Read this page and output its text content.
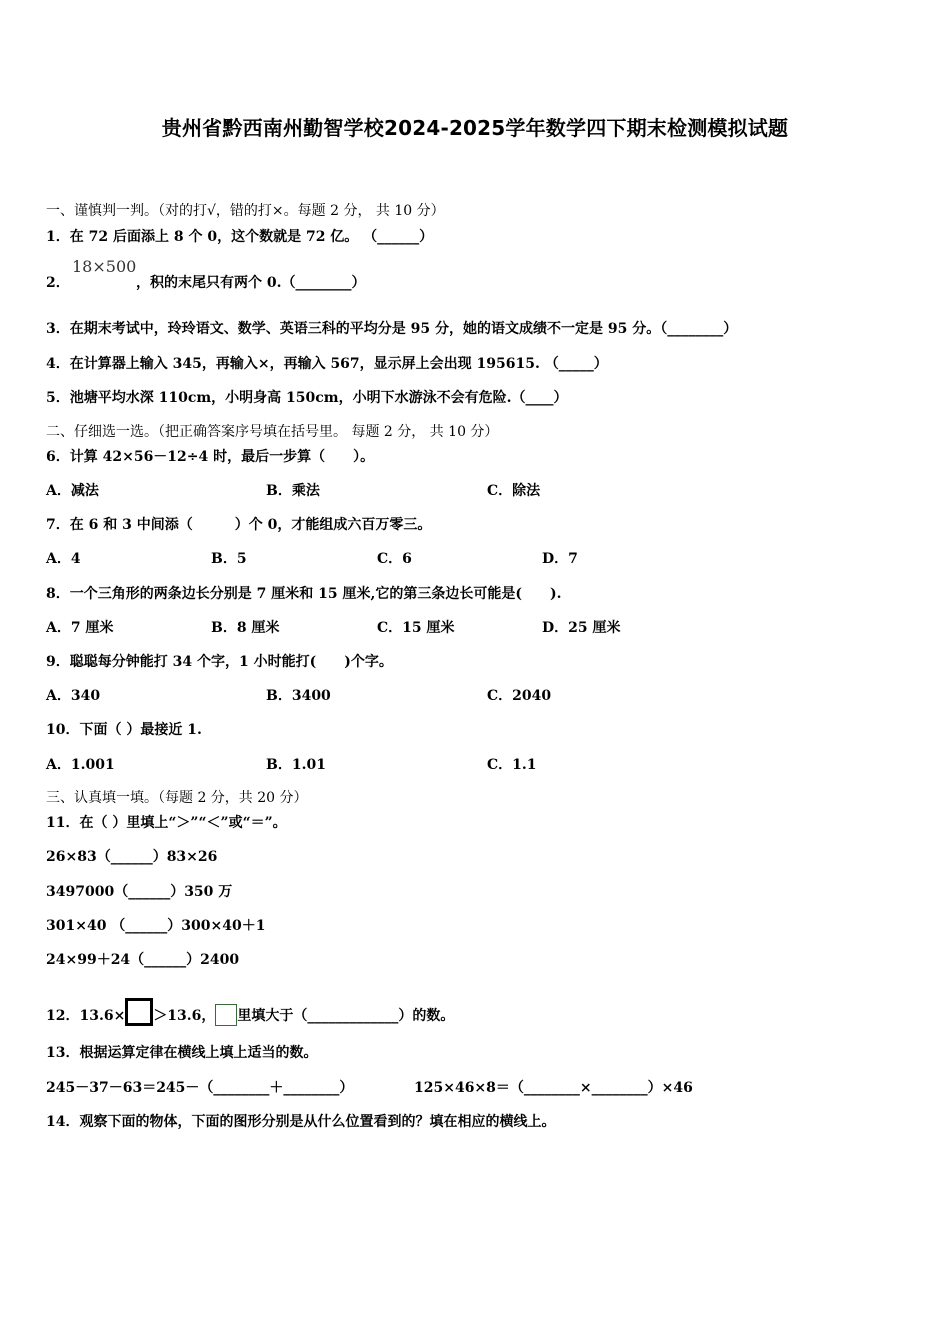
贵州省黔西南州勤智学校2024-2025学年数学四下期末检测模拟试题
一、谨慎判一判。（对的打√，错的打×。每题 2 分， 共 10 分）
1．在 72 后面添上 8 个 0，这个数就是 72 亿。 （______）
2．
18×500
，积的末尾只有两个 0.（________）
3．在期末考试中，玲玲语文、数学、英语三科的平均分是 95 分，她的语文成绩不一定是 95 分。（________）
4．在计算器上输入 345，再输入×，再输入 567，显示屏上会出现 195615. （_____）
5．池塘平均水深 110cm，小明身高 150cm，小明下水游泳不会有危险.（____）
二、仔细选一选。（把正确答案序号填在括号里。 每题 2 分， 共 10 分）
6．计算 42×56－12÷4 时，最后一步算（　　）。
A．减法	B．乘法	C．除法
7．在 6 和 3 中间添（　　　）个 0，才能组成六百万零三。
A．4	B．5	C．6	D．7
8．一个三角形的两条边长分别是 7 厘米和 15 厘米,它的第三条边长可能是(　　).
A．7 厘米	B．8 厘米	C．15 厘米	D．25 厘米
9．聪聪每分钟能打 34 个字，1 小时能打(　　)个字。
A．340	B．3400	C．2040
10．下面（ ）最接近 1.
A．1.001	B．1.01	C．1.1
三、认真填一填。（每题 2 分，共 20 分）
11．在（ ）里填上“＞”“＜”或“＝”。
26×83（______）83×26
3497000（______）350 万
301×40 （______）300×40＋1
24×99＋24（______）2400
12．13.6× ＞13.6， 里填大于（_____________）的数。
13．根据运算定律在横线上填上适当的数。
245－37－63＝245－（________＋________）	125×46×8＝（________×________）×46
14．观察下面的物体，下面的图形分别是从什么位置看到的？填在相应的横线上。
